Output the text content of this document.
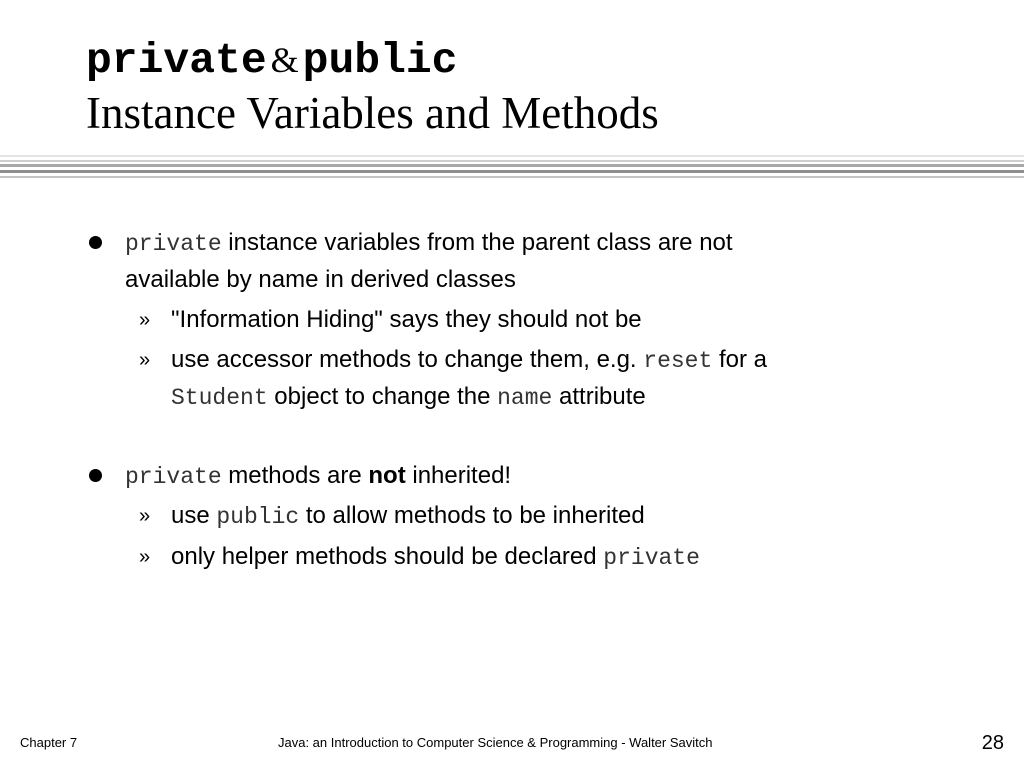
private &public
Instance Variables and Methods
private instance variables from the parent class are not
available by name in derived classes
» "Information Hiding" says they should not be
» use accessor methods to change them, e.g. reset for a
Student object to change the name attribute
private methods are not inherited!
» use public to allow methods to be inherited
» only helper methods should be declared private
Chapter 7	Java: an Introduction to Computer Science & Programming - Walter Savitch	28
